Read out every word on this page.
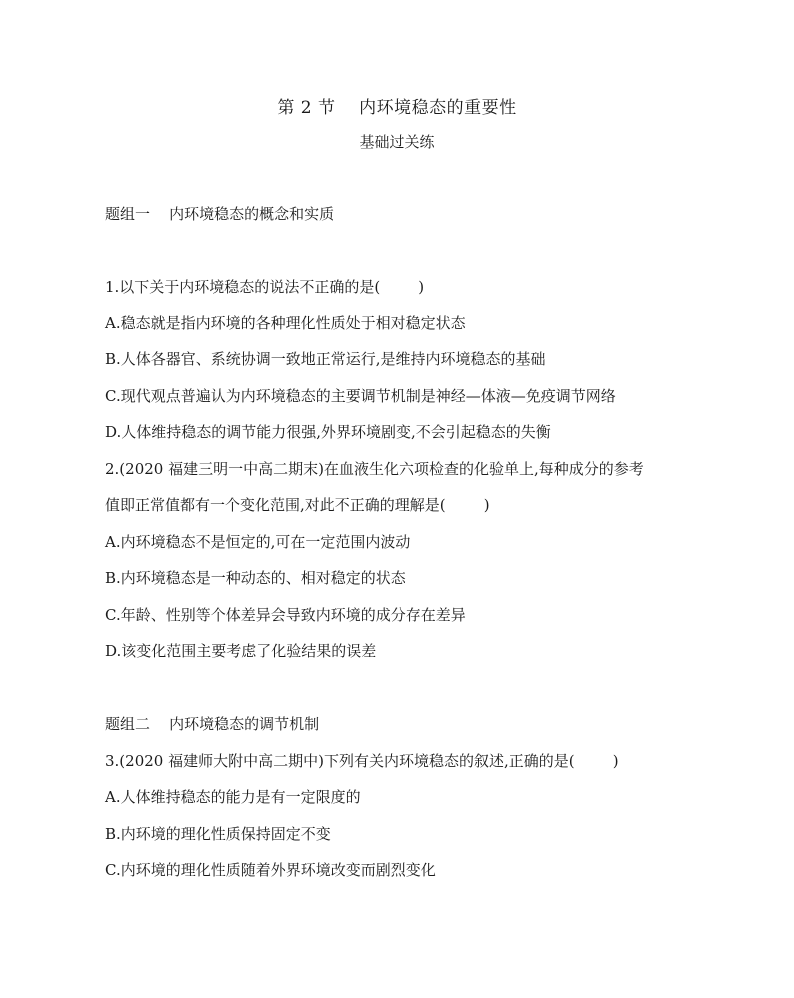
第 2 节    内环境稳态的重要性
基础过关练
题组一    内环境稳态的概念和实质
1.以下关于内环境稳态的说法不正确的是(        )
A.稳态就是指内环境的各种理化性质处于相对稳定状态
B.人体各器官、系统协调一致地正常运行,是维持内环境稳态的基础
C.现代观点普遍认为内环境稳态的主要调节机制是神经—体液—免疫调节网络
D.人体维持稳态的调节能力很强,外界环境剧变,不会引起稳态的失衡
2.(2020 福建三明一中高二期末)在血液生化六项检查的化验单上,每种成分的参考
值即正常值都有一个变化范围,对此不正确的理解是(        )
A.内环境稳态不是恒定的,可在一定范围内波动
B.内环境稳态是一种动态的、相对稳定的状态
C.年龄、性别等个体差异会导致内环境的成分存在差异
D.该变化范围主要考虑了化验结果的误差
题组二    内环境稳态的调节机制
3.(2020 福建师大附中高二期中)下列有关内环境稳态的叙述,正确的是(        )
A.人体维持稳态的能力是有一定限度的
B.内环境的理化性质保持固定不变
C.内环境的理化性质随着外界环境改变而剧烈变化
